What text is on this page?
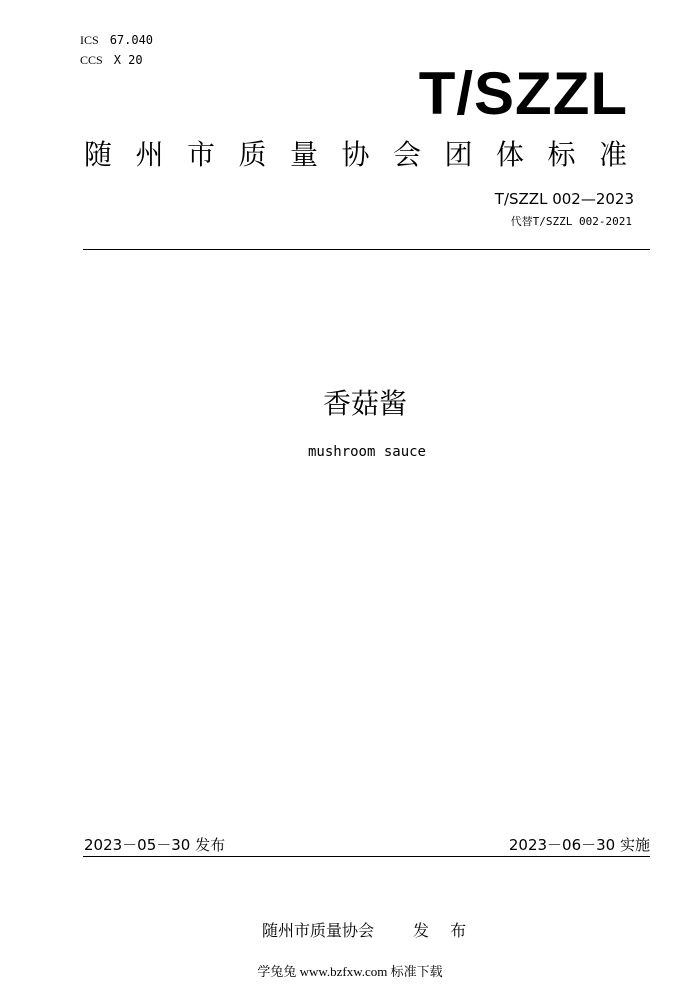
ICS 67.040
CCS X 20	T/SZZL
随州市质量协会团体标准
T/SZZL 002—2023
代替T/SZZL 002-2021
香菇酱
mushroom sauce
2023－05－30 发布	2023－06－30 实施
随州市质量协会 发 布
学兔兔 www.bzfxw.com 标准下载
